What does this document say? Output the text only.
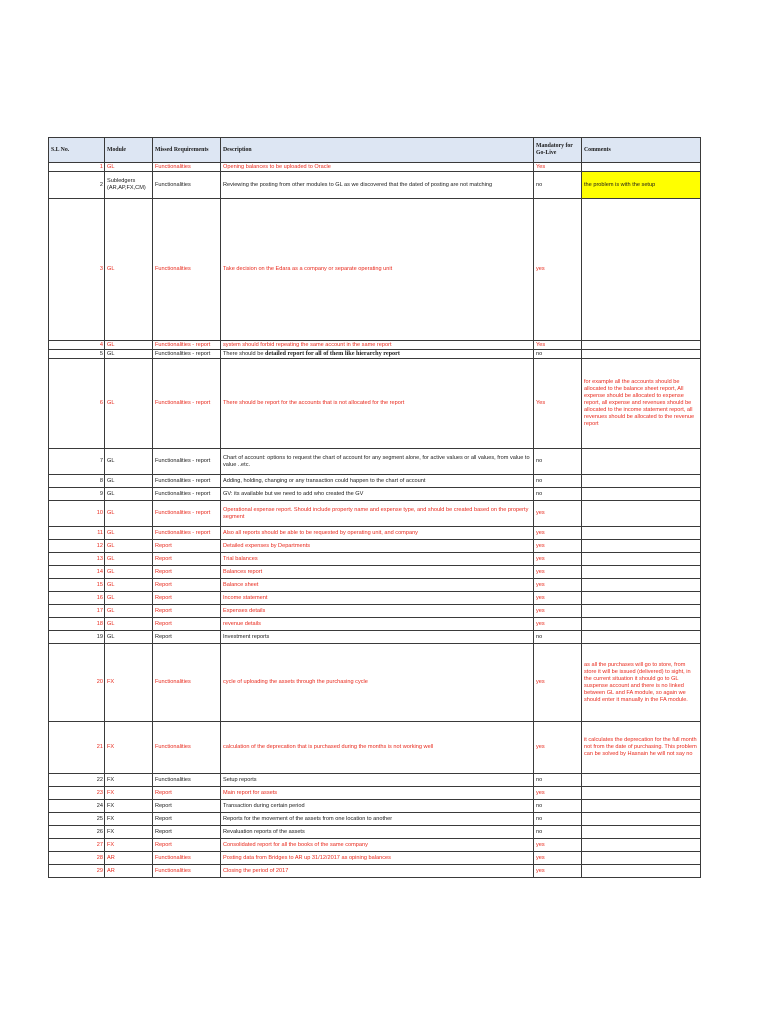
S.L No.	Module	Missed Requirements	Description	Mandatory for Go-Live	Comments
1	GL	Functionalities	Opening balances to be uploaded to Oracle	Yes	
2	Subledgers (AR,AP,FX,CM)	Functionalities	Reviewing the posting from other modules to GL as we discovered that the dated of posting are not matching	no	the problem is with the setup
3	GL	Functionalities	Take decision on the Edara as a company or separate operating unit	yes	
4	GL	Functionalities - report	system should forbid repeating the same account in the same report	Yes	
5	GL	Functionalities - report	There should be detailed report for all of them like hierarchy report	no	
6	GL	Functionalities - report	There should be report for the accounts that is not allocated for the report	Yes	for example all the accounts should be allocated to the balance sheet report, All expense should be allocated to expense report, all expense and revenues should be allocated to the income statement report, all revenues should be allocated to the revenue report
7	GL	Functionalities - report	Chart of account: options to request the chart of account for any segment alone, for active values or all values, from value to value ..etc.	no	
8	GL	Functionalities - report	Adding, holding, changing or any transaction could happen to the chart of account	no	
9	GL	Functionalities - report	GV: its available but we need to add who created the GV	no	
10	GL	Functionalities - report	Operational expense report. Should include property name and expense type, and should be created based on the property segment	yes	
11	GL	Functionalities - report	Also all reports should be able to be requested by operating unit, and company	yes	
12	GL	Report	Detailed expenses by Departments	yes	
13	GL	Report	Trial balances	yes	
14	GL	Report	Balances report	yes	
15	GL	Report	Balance sheet	yes	
16	GL	Report	Income statement	yes	
17	GL	Report	Expenses details	yes	
18	GL	Report	revenue details	yes	
19	GL	Report	Investment reports	no	
20	FX	Functionalities	cycle of uploading the assets through the purchasing cycle	yes	as all the purchases will go to store, from store it will be issued (delivered) to sight, in the current situation it should go to GL suspense account and there is no linked between GL and FA module, so again we should enter it manually in the FA module.
21	FX	Functionalities	calculation of the deprecation that is purchased during the months is not working well	yes	it calculates the deprecation for the full month not from the date of purchasing. This problem can be solved by Hasnain he will not say no
22	FX	Functionalities	Setup reports	no	
23	FX	Report	Main report for assets	yes	
24	FX	Report	Transaction during certain period	no	
25	FX	Report	Reports for the movement of the assets from one location to another	no	
26	FX	Report	Revaluation reports of the assets	no	
27	FX	Report	Consolidated report for all the books of the same company	yes	
28	AR	Functionalities	Posting data from Bridges to AR up 31/12/2017 as opining balances	yes	
29	AR	Functionalities	Closing the period of 2017	yes	
